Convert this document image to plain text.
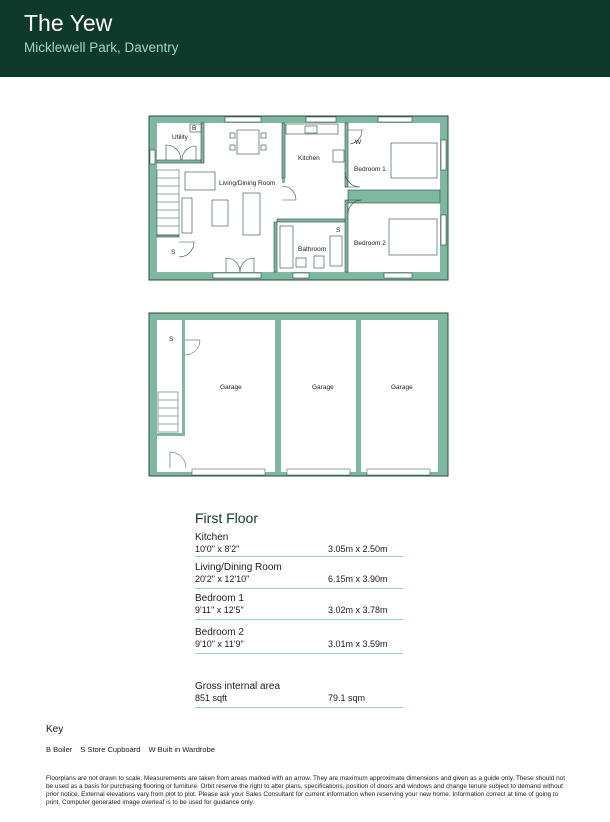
The Yew
Micklewell Park, Daventry
Utility
B
Kitchen
Living/Dining Room
W
Bedroom 1
Bedroom 2
S
S	Bathroom
S
Garage	Garage	Garage
First Floor
Kitchen
10'0" x 8'2"	3.05m x 2.50m
Living/Dining Room
20'2" x 12'10"	6.15m x 3.90m
Bedroom 1
9'11" x 12'5"	3.02m x 3.78m
Bedroom 2
9'10" x 11'9"	3.01m x 3.59m
Gross internal area
851 sqft	79.1 sqm
Key
B Boiler S Store Cupboard W Built in Wardrobe
Floorplans are not drawn to scale. Measurements are taken from areas marked with an arrow. They are maximum approximate dimensions and given as a guide only. These should not be used as a basis for purchasing flooring or furniture. Orbit reserve the right to alter plans, specifications, position of doors and windows and change tenure subject to demand without prior notice. External elevations vary from plot to plot. Please ask your Sales Consultant for current information when reserving your new home. Information correct at time of going to print. Computer generated image overleaf is to be used for guidance only.
